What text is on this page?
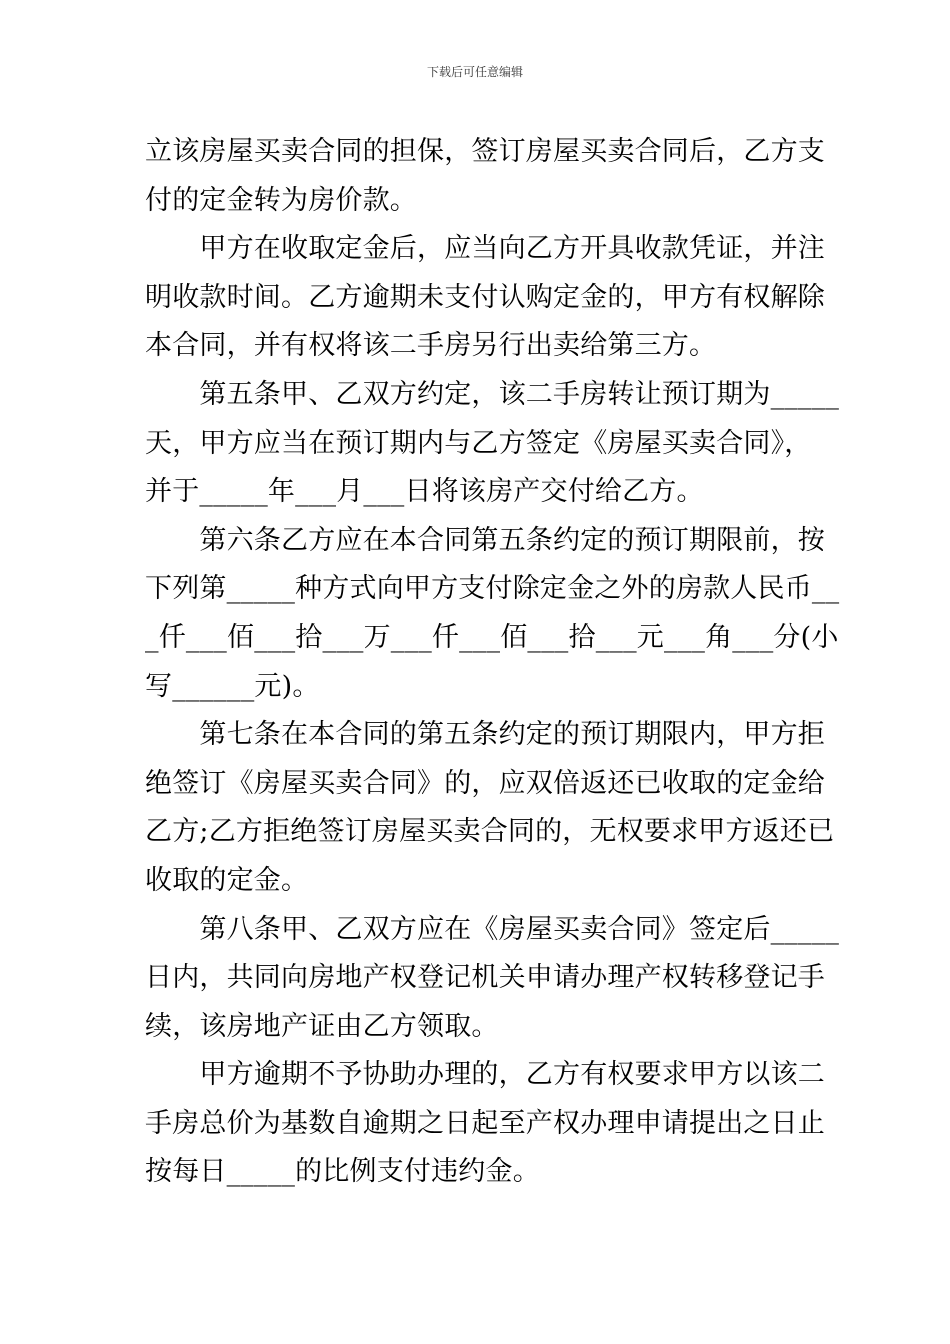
下载后可任意编辑
立该房屋买卖合同的担保，签订房屋买卖合同后，乙方支
付的定金转为房价款。
　　甲方在收取定金后，应当向乙方开具收款凭证，并注
明收款时间。乙方逾期未支付认购定金的，甲方有权解除
本合同，并有权将该二手房另行出卖给第三方。
　　第五条甲、乙双方约定，该二手房转让预订期为_____
天，甲方应当在预订期内与乙方签定《房屋买卖合同》，
并于_____年___月___日将该房产交付给乙方。
　　第六条乙方应在本合同第五条约定的预订期限前，按
下列第_____种方式向甲方支付除定金之外的房款人民币__
_仟___佰___拾___万___仟___佰___拾___元___角___分(小
写______元)。
　　第七条在本合同的第五条约定的预订期限内，甲方拒
绝签订《房屋买卖合同》的，应双倍返还已收取的定金给
乙方;乙方拒绝签订房屋买卖合同的，无权要求甲方返还已
收取的定金。
　　第八条甲、乙双方应在《房屋买卖合同》签定后_____
日内，共同向房地产权登记机关申请办理产权转移登记手
续，该房地产证由乙方领取。
　　甲方逾期不予协助办理的，乙方有权要求甲方以该二
手房总价为基数自逾期之日起至产权办理申请提出之日止
按每日_____的比例支付违约金。
